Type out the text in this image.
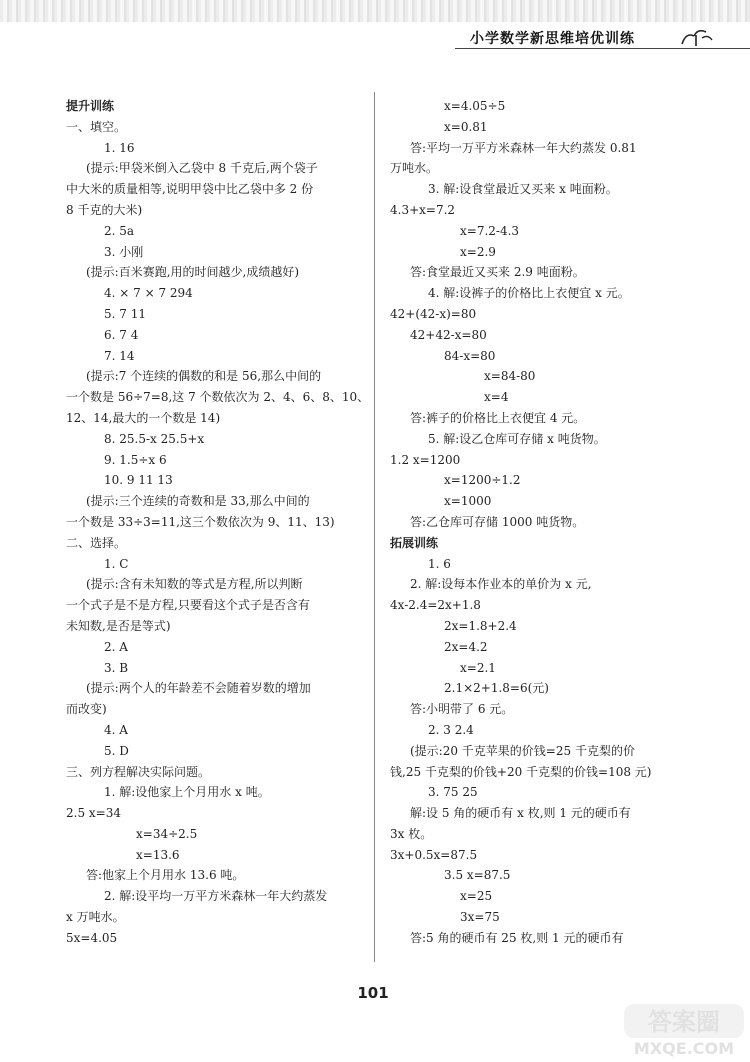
小学数学新思维培优训练
提升训练
一、填空。
1. 16
(提示:甲袋米倒入乙袋中 8 千克后,两个袋子
中大米的质量相等,说明甲袋中比乙袋中多 2 份
8 千克的大米)
2. 5a
3. 小刚
(提示:百米赛跑,用的时间越少,成绩越好)
4. × 7 × 7 294
5. 7 11
6. 7 4
7. 14
(提示:7 个连续的偶数的和是 56,那么中间的
一个数是 56÷7=8,这 7 个数依次为 2、4、6、8、10、
12、14,最大的一个数是 14)
8. 25.5-x 25.5+x
9. 1.5÷x 6
10. 9 11 13
(提示:三个连续的奇数和是 33,那么中间的
一个数是 33÷3=11,这三个数依次为 9、11、13)
二、选择。
1. C
(提示:含有未知数的等式是方程,所以判断
一个式子是不是方程,只要看这个式子是否含有
未知数,是否是等式)
2. A
3. B
(提示:两个人的年龄差不会随着岁数的增加
而改变)
4. A
5. D
三、列方程解决实际问题。
1. 解:设他家上个月用水 x 吨。
2.5 x=34
x=34÷2.5
x=13.6
答:他家上个月用水 13.6 吨。
2. 解:设平均一万平方米森林一年大约蒸发
x 万吨水。
5x=4.05
x=4.05÷5
x=0.81
答:平均一万平方米森林一年大约蒸发 0.81
万吨水。
3. 解:设食堂最近又买来 x 吨面粉。
4.3+x=7.2
x=7.2-4.3
x=2.9
答:食堂最近又买来 2.9 吨面粉。
4. 解:设裤子的价格比上衣便宜 x 元。
42+(42-x)=80
42+42-x=80
84-x=80
x=84-80
x=4
答:裤子的价格比上衣便宜 4 元。
5. 解:设乙仓库可存储 x 吨货物。
1.2 x=1200
x=1200÷1.2
x=1000
答:乙仓库可存储 1000 吨货物。
拓展训练
1. 6
2. 解:设每本作业本的单价为 x 元,
4x-2.4=2x+1.8
2x=1.8+2.4
2x=4.2
x=2.1
2.1×2+1.8=6(元)
答:小明带了 6 元。
2. 3 2.4
(提示:20 千克苹果的价钱=25 千克梨的价
钱,25 千克梨的价钱+20 千克梨的价钱=108 元)
3. 75 25
解:设 5 角的硬币有 x 枚,则 1 元的硬币有
3x 枚。
3x+0.5x=87.5
3.5 x=87.5
x=25
3x=75
答:5 角的硬币有 25 枚,则 1 元的硬币有
101
答案圈
MXQE.COM
